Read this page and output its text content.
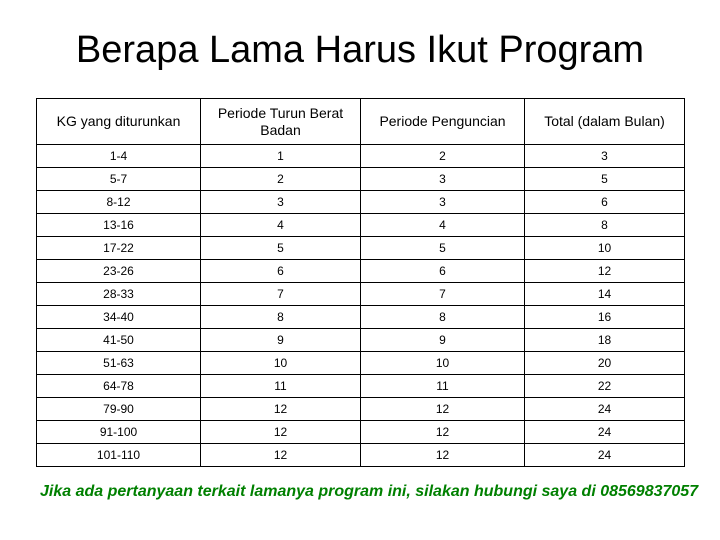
Berapa Lama Harus Ikut Program
KG yang diturunkan	Periode Turun Berat Badan	Periode Penguncian	Total (dalam Bulan)
1-4	1	2	3
5-7	2	3	5
8-12	3	3	6
13-16	4	4	8
17-22	5	5	10
23-26	6	6	12
28-33	7	7	14
34-40	8	8	16
41-50	9	9	18
51-63	10	10	20
64-78	11	11	22
79-90	12	12	24
91-100	12	12	24
101-110	12	12	24
Jika ada pertanyaan terkait lamanya program ini, silakan hubungi saya di 08569837057
